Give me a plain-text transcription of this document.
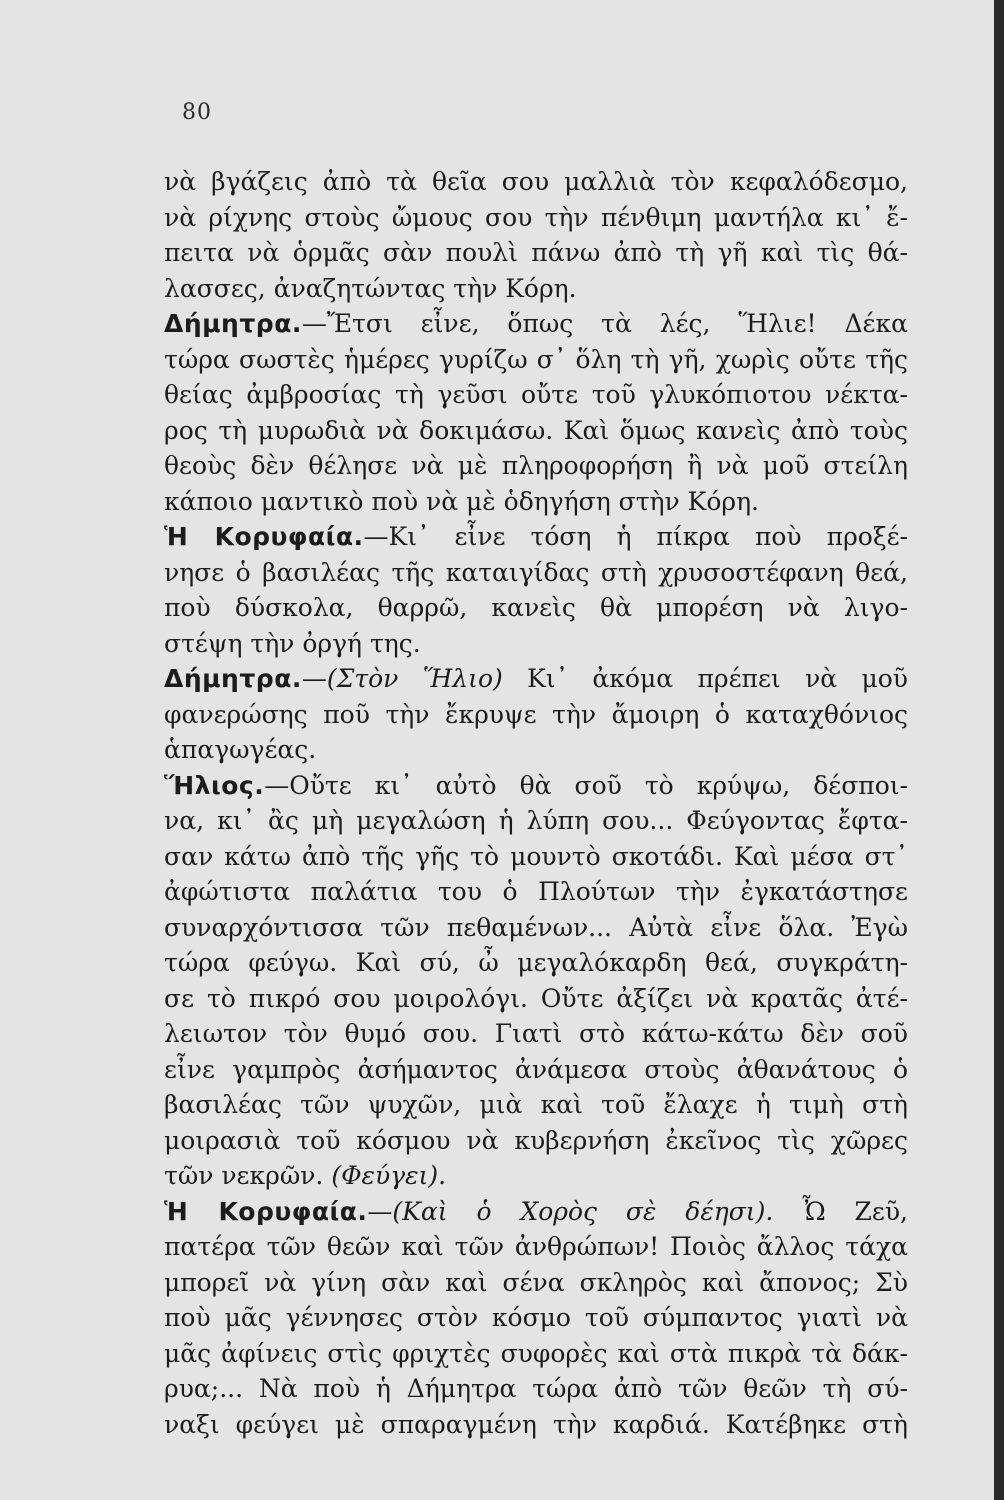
80
νὰ βγάζεις ἀπὸ τὰ θεῖα σου μαλλιὰ τὸν κεφαλόδεσμο,
νὰ ρίχνης στοὺς ὤμους σου τὴν πένθιμη μαντήλα κι᾿ ἔ-
πειτα νὰ ὁρμᾶς σὰν πουλὶ πάνω ἀπὸ τὴ γῆ καὶ τὶς θά-
λασσες, ἀναζητώντας τὴν Κόρη.
Δήμητρα.—Ἔτσι εἶνε, ὅπως τὰ λές, Ἥλιε! Δέκα
τώρα σωστὲς ἡμέρες γυρίζω σ᾿ ὅλη τὴ γῆ, χωρὶς οὔτε τῆς
θείας ἀμβροσίας τὴ γεῦσι οὔτε τοῦ γλυκόπιοτου νέκτα-
ρος τὴ μυρωδιὰ νὰ δοκιμάσω. Καὶ ὅμως κανεὶς ἀπὸ τοὺς
θεοὺς δὲν θέλησε νὰ μὲ πληροφορήση ἢ νὰ μοῦ στείλη
κάποιο μαντικὸ ποὺ νὰ μὲ ὁδηγήση στὴν Κόρη.
Ἡ Κορυφαία.—Κι᾿ εἶνε τόση ἡ πίκρα ποὺ προξέ-
νησε ὁ βασιλέας τῆς καταιγίδας στὴ χρυσοστέφανη θεά,
ποὺ δύσκολα, θαρρῶ, κανεὶς θὰ μπορέση νὰ λιγο-
στέψη τὴν ὀργή της.
Δήμητρα.—(Στὸν Ἥλιο) Κι᾿ ἀκόμα πρέπει νὰ μοῦ
φανερώσης ποῦ τὴν ἔκρυψε τὴν ἄμοιρη ὁ καταχθόνιος
ἁπαγωγέας.
Ἥλιος.—Οὔτε κι᾿ αὐτὸ θὰ σοῦ τὸ κρύψω, δέσποι-
να, κι᾿ ἂς μὴ μεγαλώση ἡ λύπη σου... Φεύγοντας ἔφτα-
σαν κάτω ἀπὸ τῆς γῆς τὸ μουντὸ σκοτάδι. Καὶ μέσα στ᾿
ἀφώτιστα παλάτια του ὁ Πλούτων τὴν ἐγκατάστησε
συναρχόντισσα τῶν πεθαμένων... Αὐτὰ εἶνε ὅλα. Ἐγὼ
τώρα φεύγω. Καὶ σύ, ὦ μεγαλόκαρδη θεά, συγκράτη-
σε τὸ πικρό σου μοιρολόγι. Οὔτε ἀξίζει νὰ κρατᾶς ἀτέ-
λειωτον τὸν θυμό σου. Γιατὶ στὸ κάτω-κάτω δὲν σοῦ
εἶνε γαμπρὸς ἀσήμαντος ἀνάμεσα στοὺς ἀθανάτους ὁ
βασιλέας τῶν ψυχῶν, μιὰ καὶ τοῦ ἔλαχε ἡ τιμὴ στὴ
μοιρασιὰ τοῦ κόσμου νὰ κυβερνήση ἐκεῖνος τὶς χῶρες
τῶν νεκρῶν. (Φεύγει).
Ἡ Κορυφαία.—(Καὶ ὁ Χορὸς σὲ δέησι). Ὦ Ζεῦ,
πατέρα τῶν θεῶν καὶ τῶν ἀνθρώπων! Ποιὸς ἄλλος τάχα
μπορεῖ νὰ γίνη σὰν καὶ σένα σκληρὸς καὶ ἄπονος; Σὺ
ποὺ μᾶς γέννησες στὸν κόσμο τοῦ σύμπαντος γιατὶ νὰ
μᾶς ἀφίνεις στὶς φριχτὲς συφορὲς καὶ στὰ πικρὰ τὰ δάκ-
ρυα;... Νὰ ποὺ ἡ Δήμητρα τώρα ἀπὸ τῶν θεῶν τὴ σύ-
ναξι φεύγει μὲ σπαραγμένη τὴν καρδιά. Κατέβηκε στὴ
